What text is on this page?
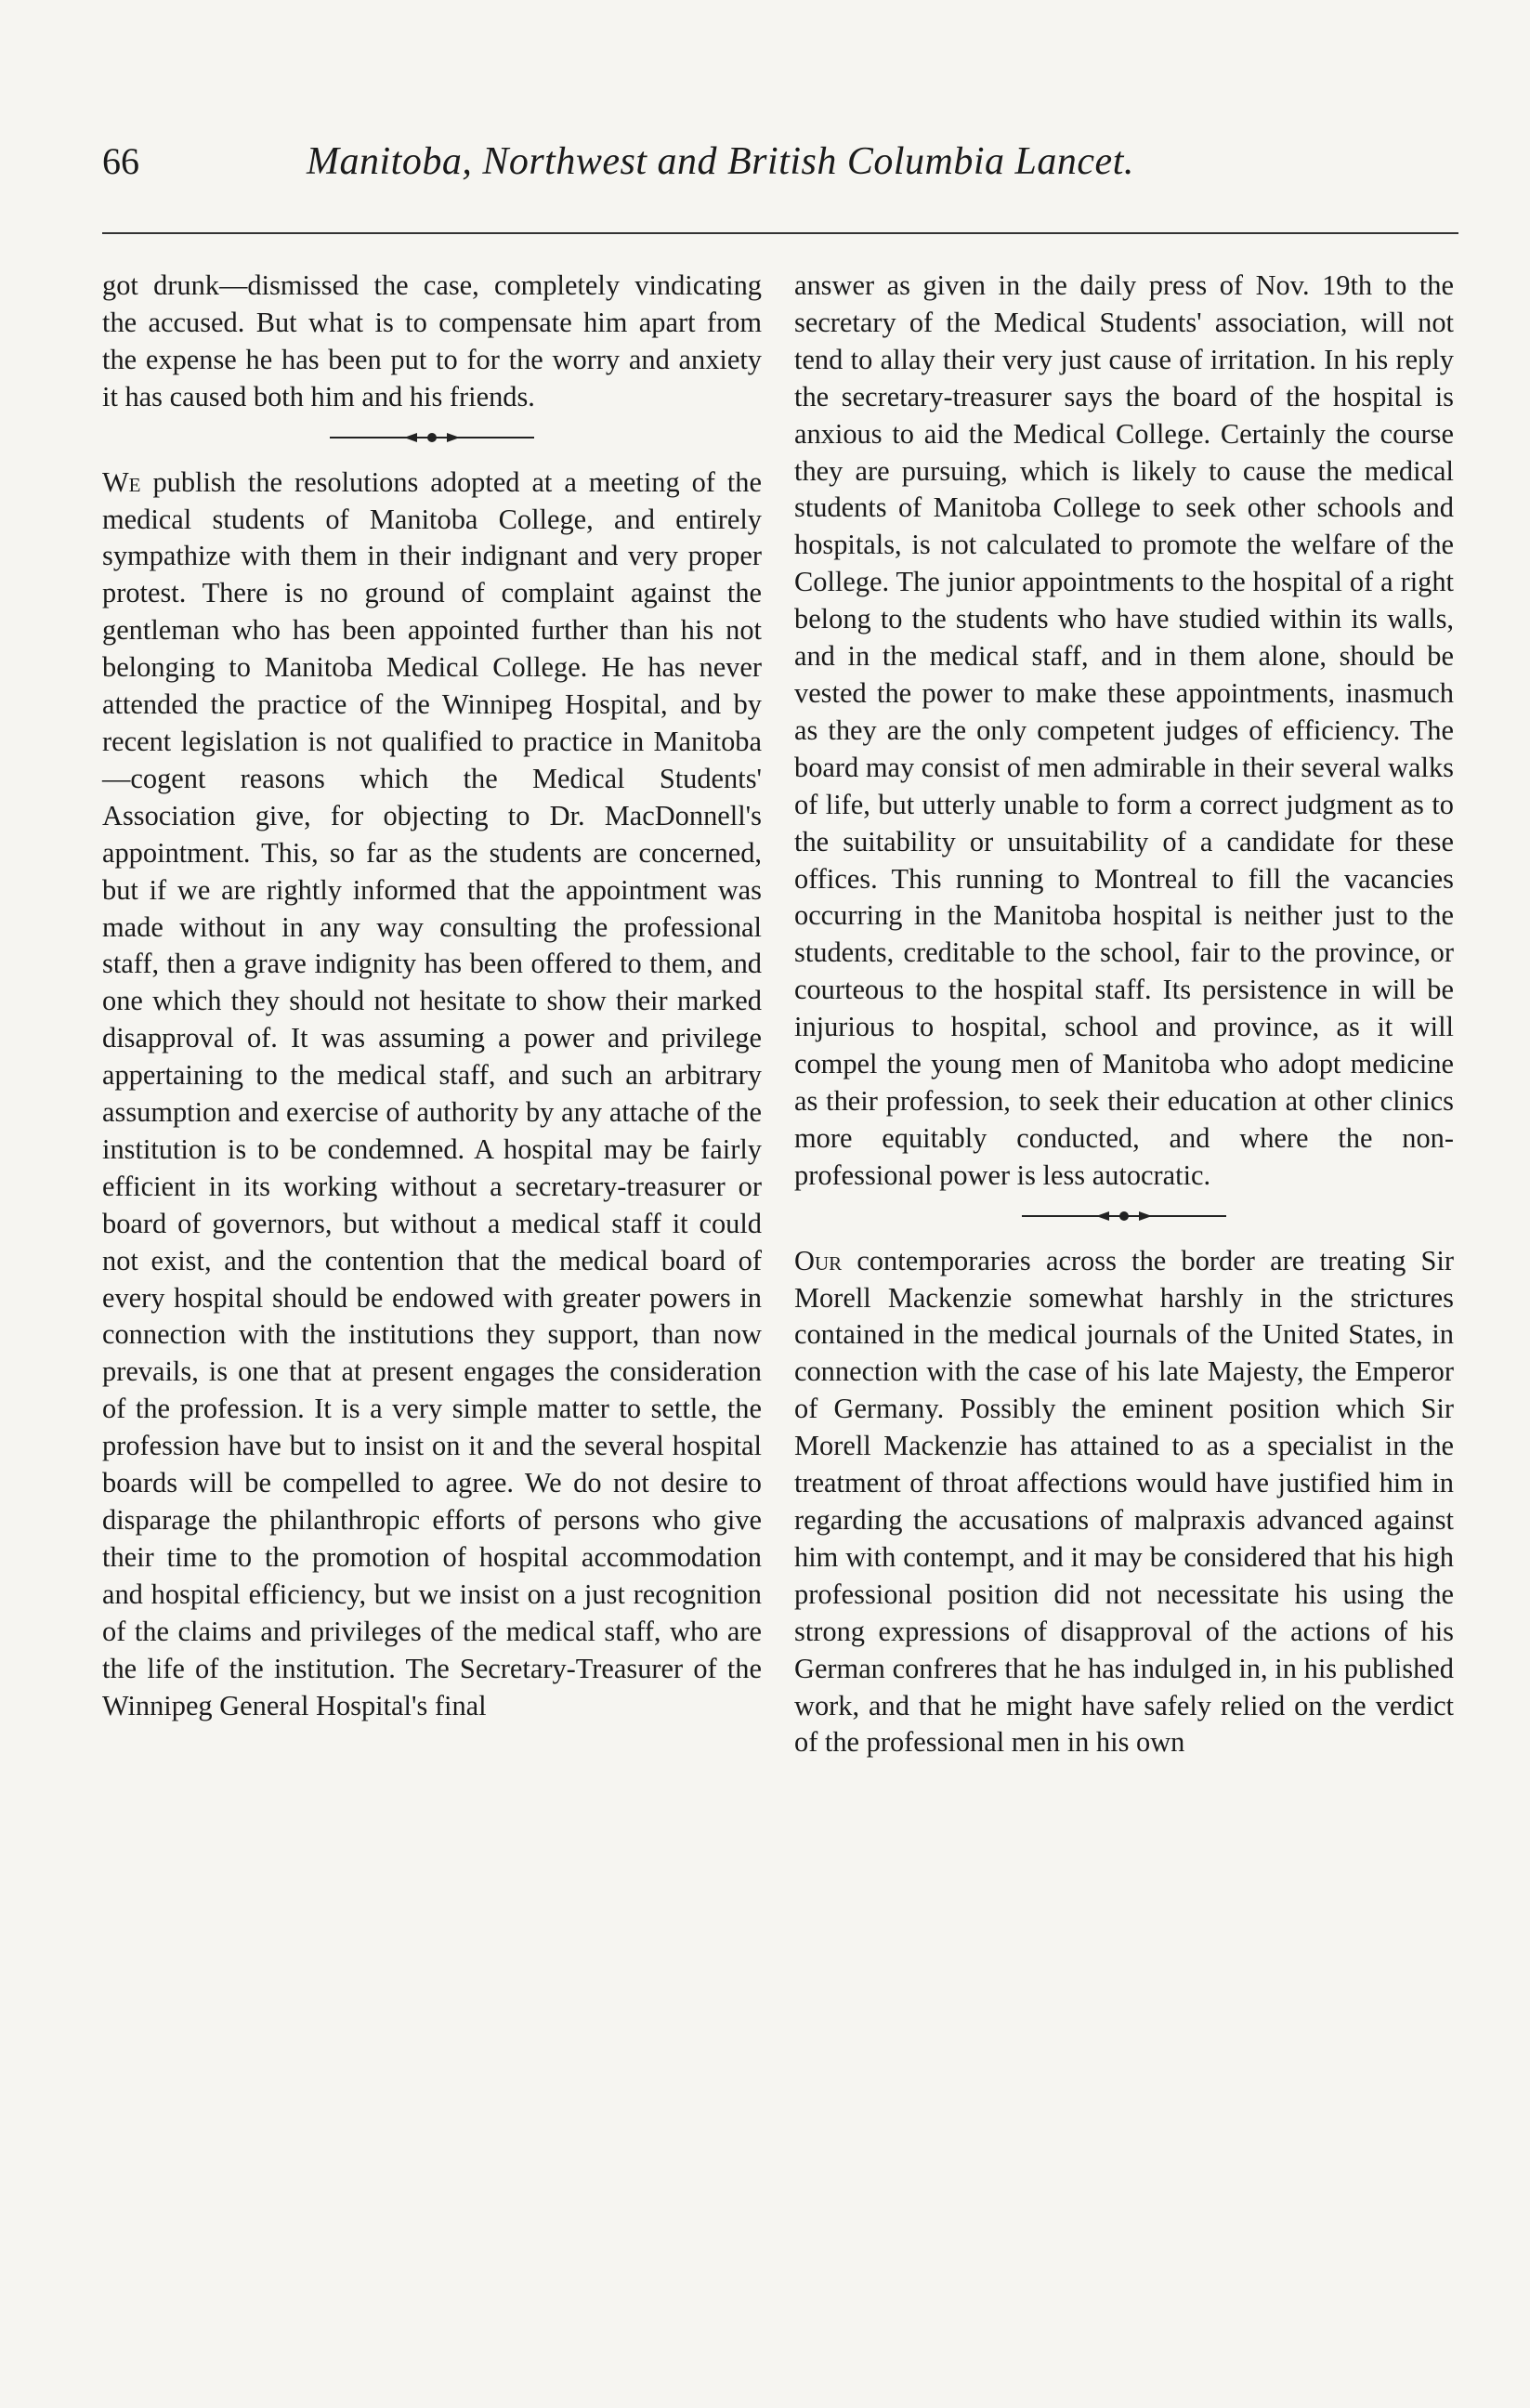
66	Manitoba, Northwest and British Columbia Lancet.

got drunk—dismissed the case, completely vindicating the accused. But what is to compensate him apart from the expense he has been put to for the worry and anxiety it has caused both him and his friends.

We publish the resolutions adopted at a meeting of the medical students of Manitoba College, and entirely sympathize with them in their indignant and very proper protest. There is no ground of complaint against the gentleman who has been appointed further than his not belonging to Manitoba Medical College. He has never attended the practice of the Winnipeg Hospital, and by recent legislation is not qualified to practice in Manitoba—cogent reasons which the Medical Students' Association give, for objecting to Dr. MacDonnell's appointment. This, so far as the students are concerned, but if we are rightly informed that the appointment was made without in any way consulting the professional staff, then a grave indignity has been offered to them, and one which they should not hesitate to show their marked disapproval of. It was assuming a power and privilege appertaining to the medical staff, and such an arbitrary assumption and exercise of authority by any attache of the institution is to be condemned. A hospital may be fairly efficient in its working without a secretary-treasurer or board of governors, but without a medical staff it could not exist, and the contention that the medical board of every hospital should be endowed with greater powers in connection with the institutions they support, than now prevails, is one that at present engages the consideration of the profession. It is a very simple matter to settle, the profession have but to insist on it and the several hospital boards will be compelled to agree. We do not desire to disparage the philanthropic efforts of persons who give their time to the promotion of hospital accommodation and hospital efficiency, but we insist on a just recognition of the claims and privileges of the medical staff, who are the life of the institution. The Secretary-Treasurer of the Winnipeg General Hospital's final

answer as given in the daily press of Nov. 19th to the secretary of the Medical Students' association, will not tend to allay their very just cause of irritation. In his reply the secretary-treasurer says the board of the hospital is anxious to aid the Medical College. Certainly the course they are pursuing, which is likely to cause the medical students of Manitoba College to seek other schools and hospitals, is not calculated to promote the welfare of the College. The junior appointments to the hospital of a right belong to the students who have studied within its walls, and in the medical staff, and in them alone, should be vested the power to make these appointments, inasmuch as they are the only competent judges of efficiency. The board may consist of men admirable in their several walks of life, but utterly unable to form a correct judgment as to the suitability or unsuitability of a candidate for these offices. This running to Montreal to fill the vacancies occurring in the Manitoba hospital is neither just to the students, creditable to the school, fair to the province, or courteous to the hospital staff. Its persistence in will be injurious to hospital, school and province, as it will compel the young men of Manitoba who adopt medicine as their profession, to seek their education at other clinics more equitably conducted, and where the non-professional power is less autocratic.

Our contemporaries across the border are treating Sir Morell Mackenzie somewhat harshly in the strictures contained in the medical journals of the United States, in connection with the case of his late Majesty, the Emperor of Germany. Possibly the eminent position which Sir Morell Mackenzie has attained to as a specialist in the treatment of throat affections would have justified him in regarding the accusations of malpraxis advanced against him with contempt, and it may be considered that his high professional position did not necessitate his using the strong expressions of disapproval of the actions of his German confreres that he has indulged in, in his published work, and that he might have safely relied on the verdict of the professional men in his own
